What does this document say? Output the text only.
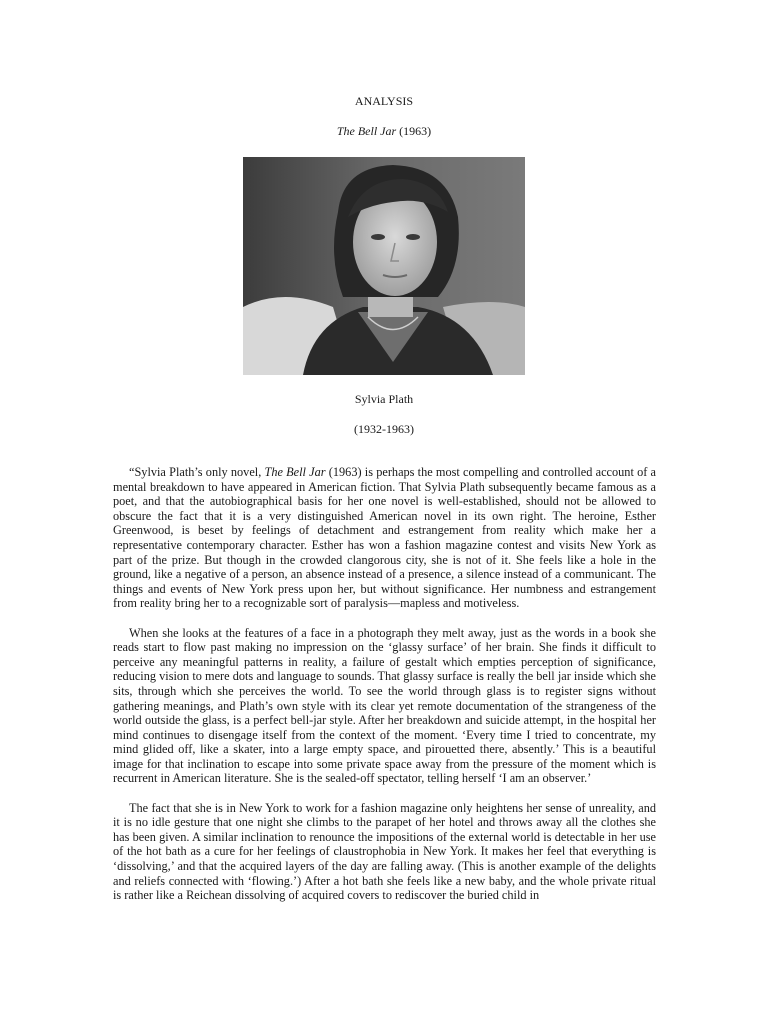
ANALYSIS
The Bell Jar (1963)
Sylvia Plath
(1932-1963)

“Sylvia Plath’s only novel, The Bell Jar (1963) is perhaps the most compelling and controlled account of a mental breakdown to have appeared in American fiction. That Sylvia Plath subsequently became famous as a poet, and that the autobiographical basis for her one novel is well-established, should not be allowed to obscure the fact that it is a very distinguished American novel in its own right. The heroine, Esther Greenwood, is beset by feelings of detachment and estrangement from reality which make her a representative contemporary character. Esther has won a fashion magazine contest and visits New York as part of the prize. But though in the crowded clangorous city, she is not of it. She feels like a hole in the ground, like a negative of a person, an absence instead of a presence, a silence instead of a communicant. The things and events of New York press upon her, but without significance. Her numbness and estrangement from reality bring her to a recognizable sort of paralysis—mapless and motiveless.

When she looks at the features of a face in a photograph they melt away, just as the words in a book she reads start to flow past making no impression on the ‘glassy surface’ of her brain. She finds it difficult to perceive any meaningful patterns in reality, a failure of gestalt which empties perception of significance, reducing vision to mere dots and language to sounds. That glassy surface is really the bell jar inside which she sits, through which she perceives the world. To see the world through glass is to register signs without gathering meanings, and Plath’s own style with its clear yet remote documentation of the strangeness of the world outside the glass, is a perfect bell-jar style. After her breakdown and suicide attempt, in the hospital her mind continues to disengage itself from the context of the moment. ‘Every time I tried to concentrate, my mind glided off, like a skater, into a large empty space, and pirouetted there, absently.’ This is a beautiful image for that inclination to escape into some private space away from the pressure of the moment which is recurrent in American literature. She is the sealed-off spectator, telling herself ‘I am an observer.’

The fact that she is in New York to work for a fashion magazine only heightens her sense of unreality, and it is no idle gesture that one night she climbs to the parapet of her hotel and throws away all the clothes she has been given. A similar inclination to renounce the impositions of the external world is detectable in her use of the hot bath as a cure for her feelings of claustrophobia in New York. It makes her feel that everything is ‘dissolving,’ and that the acquired layers of the day are falling away. (This is another example of the delights and reliefs connected with ‘flowing.’) After a hot bath she feels like a new baby, and the whole private ritual is rather like a Reichean dissolving of acquired covers to rediscover the buried child in
